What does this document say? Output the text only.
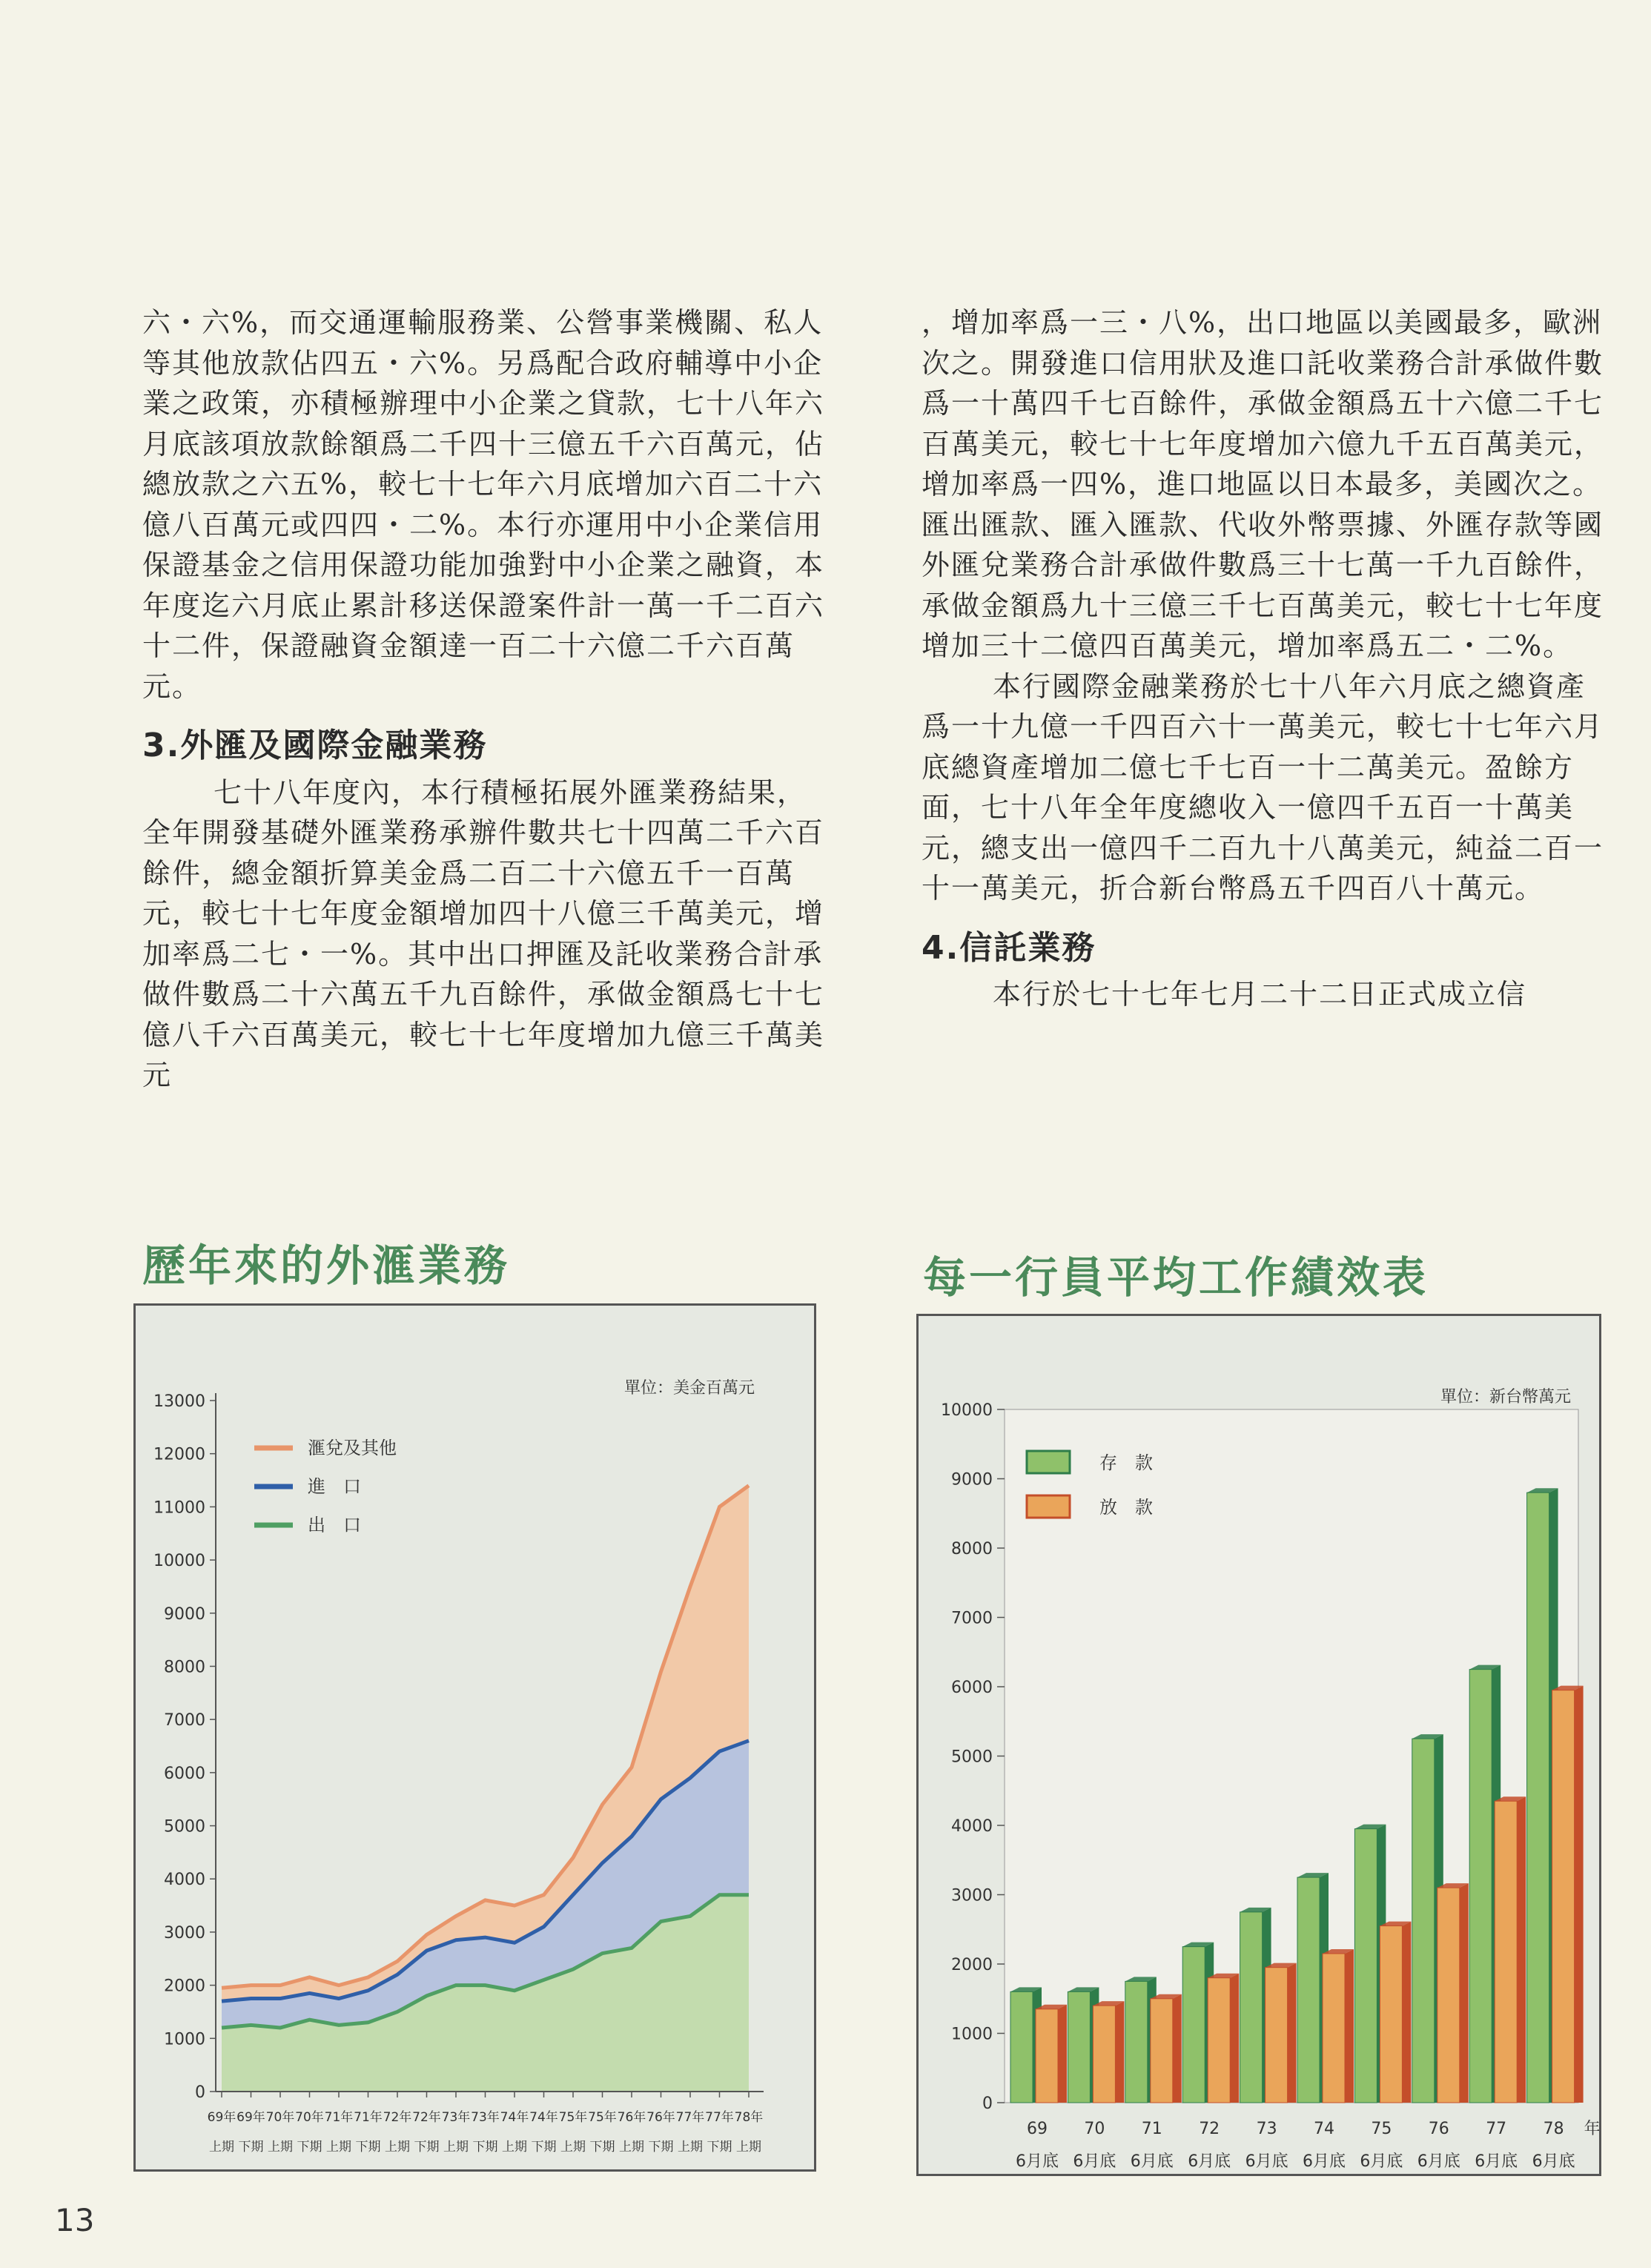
六・六%，而交通運輸服務業、公營事業機關、私人等其他放款佔四五・六%。另爲配合政府輔導中小企業之政策，亦積極辦理中小企業之貸款，七十八年六月底該項放款餘額爲二千四十三億五千六百萬元，佔總放款之六五%，較七十七年六月底增加六百二十六億八百萬元或四四・二%。本行亦運用中小企業信用保證基金之信用保證功能加強對中小企業之融資，本年度迄六月底止累計移送保證案件計一萬一千二百六十二件，保證融資金額達一百二十六億二千六百萬元。

3.外匯及國際金融業務

七十八年度內，本行積極拓展外匯業務結果，全年開發基礎外匯業務承辦件數共七十四萬二千六百餘件，總金額折算美金爲二百二十六億五千一百萬元，較七十七年度金額增加四十八億三千萬美元，增加率爲二七・一%。其中出口押匯及託收業務合計承做件數爲二十六萬五千九百餘件，承做金額爲七十七億八千六百萬美元，較七十七年度增加九億三千萬美元

，增加率爲一三・八%，出口地區以美國最多，歐洲次之。開發進口信用狀及進口託收業務合計承做件數爲一十萬四千七百餘件，承做金額爲五十六億二千七百萬美元，較七十七年度增加六億九千五百萬美元，增加率爲一四%，進口地區以日本最多，美國次之。匯出匯款、匯入匯款、代收外幣票據、外匯存款等國外匯兌業務合計承做件數爲三十七萬一千九百餘件，承做金額爲九十三億三千七百萬美元，較七十七年度增加三十二億四百萬美元，增加率爲五二・二%。

本行國際金融業務於七十八年六月底之總資產爲一十九億一千四百六十一萬美元，較七十七年六月底總資產增加二億七千七百一十二萬美元。盈餘方面，七十八年全年度總收入一億四千五百一十萬美元，總支出一億四千二百九十八萬美元，純益二百一十一萬美元，折合新台幣爲五千四百八十萬元。

4.信託業務

本行於七十七年七月二十二日正式成立信

歷年來的外滙業務
單位：美金百萬元
0
1000
2000
3000
4000
5000
6000
7000
8000
9000
10000
11000
12000
13000
69年
上期
69年
下期
70年
上期
70年
下期
71年
上期
71年
下期
72年
上期
72年
下期
73年
上期
73年
下期
74年
上期
74年
下期
75年
上期
75年
下期
76年
上期
76年
下期
77年
上期
77年
下期
78年
上期
滙兌及其他
進　口
出　口
每一行員平均工作績效表
單位：新台幣萬元
0
1000
2000
3000
4000
5000
6000
7000
8000
9000
10000
69
6月底
70
6月底
71
6月底
72
6月底
73
6月底
74
6月底
75
6月底
76
6月底
77
6月底
78
6月底
年
存　款
放　款
13
